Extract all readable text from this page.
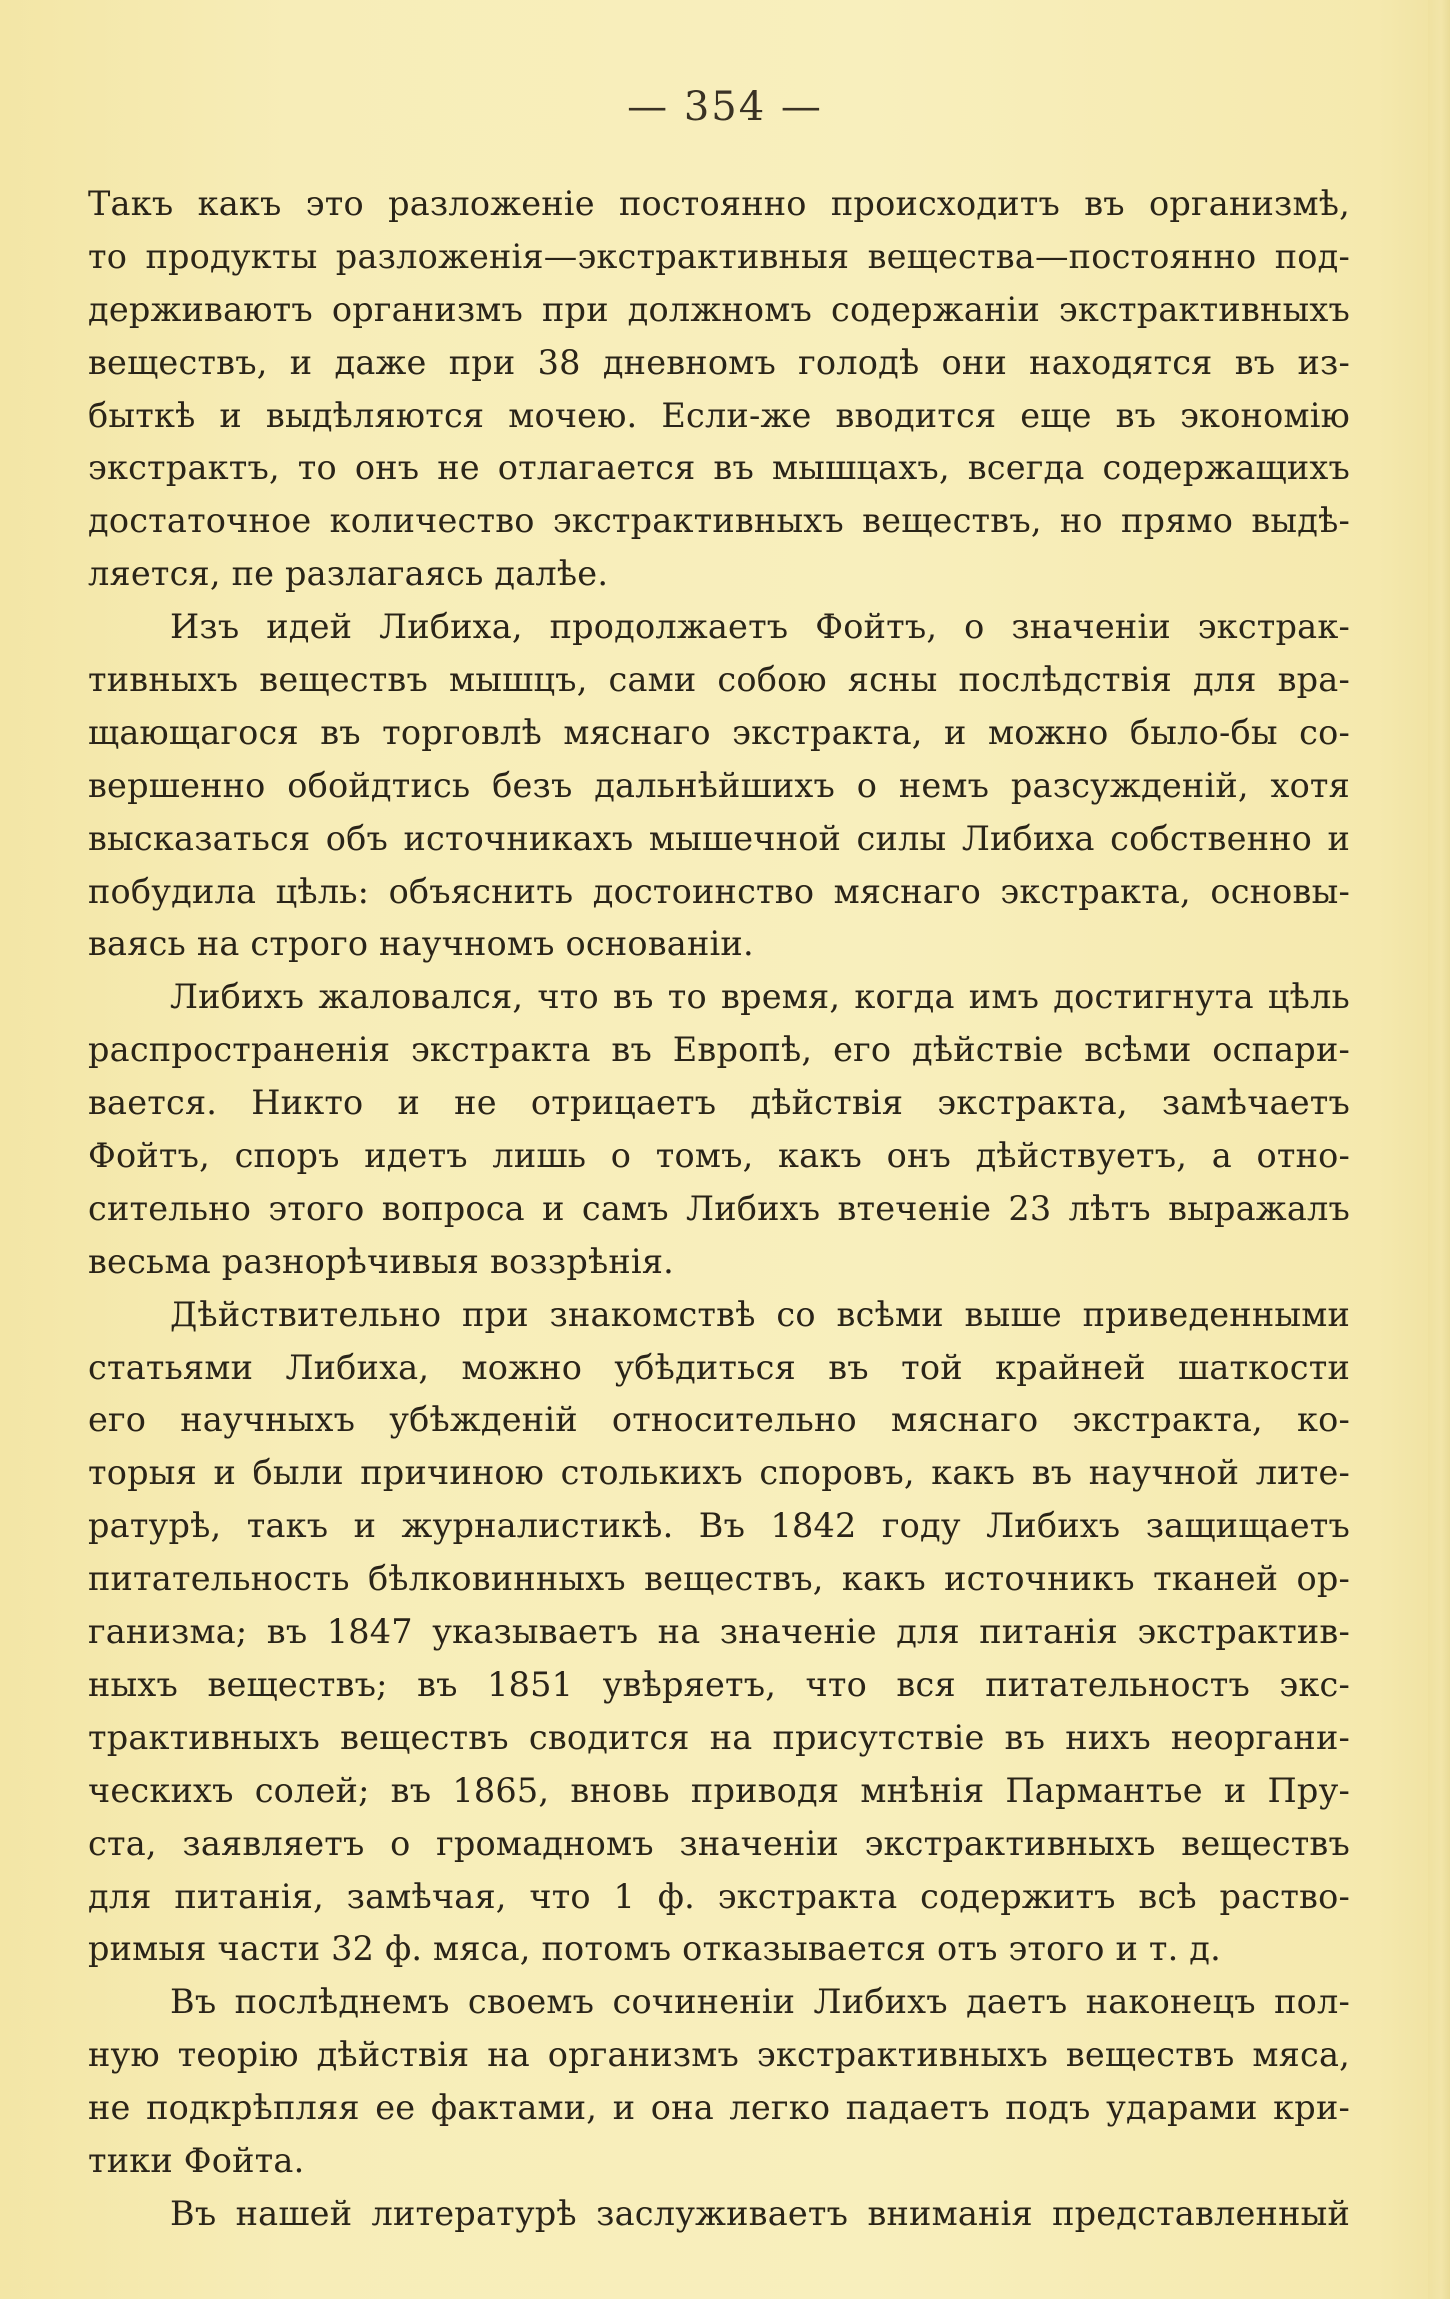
— 354 —
Такъ какъ это разложеніе постоянно происходитъ въ организмѣ,
то продукты разложенія—экстрактивныя вещества—постоянно под-
держиваютъ организмъ при должномъ содержаніи экстрактивныхъ
веществъ, и даже при 38 дневномъ голодѣ они находятся въ из-
быткѣ и выдѣляются мочею. Если-же вводится еще въ экономію
экстрактъ, то онъ не отлагается въ мышцахъ, всегда содержащихъ
достаточное количество экстрактивныхъ веществъ, но прямо выдѣ-
ляется, пе разлагаясь далѣе.
Изъ идей Либиха, продолжаетъ Фойтъ, о значеніи экстрак-
тивныхъ веществъ мышцъ, сами собою ясны послѣдствія для вра-
щающагося въ торговлѣ мяснаго экстракта, и можно было-бы со-
вершенно обойдтись безъ дальнѣйшихъ о немъ разсужденій, хотя
высказаться объ источникахъ мышечной силы Либиха собственно и
побудила цѣль: объяснить достоинство мяснаго экстракта, основы-
ваясь на строго научномъ основаніи.
Либихъ жаловался, что въ то время, когда имъ достигнута цѣль
распространенія экстракта въ Европѣ, его дѣйствіе всѣми оспари-
вается. Никто и не отрицаетъ дѣйствія экстракта, замѣчаетъ
Фойтъ, споръ идетъ лишь о томъ, какъ онъ дѣйствуетъ, а отно-
сительно этого вопроса и самъ Либихъ втеченіе 23 лѣтъ выражалъ
весьма разнорѣчивыя воззрѣнія.
Дѣйствительно при знакомствѣ со всѣми выше приведенными
статьями Либиха, можно убѣдиться въ той крайней шаткости
его научныхъ убѣжденій относительно мяснаго экстракта, ко-
торыя и были причиною столькихъ споровъ, какъ въ научной лите-
ратурѣ, такъ и журналистикѣ. Въ 1842 году Либихъ защищаетъ
питательность бѣлковинныхъ веществъ, какъ источникъ тканей ор-
ганизма; въ 1847 указываетъ на значеніе для питанія экстрактив-
ныхъ веществъ; въ 1851 увѣряетъ, что вся питательностъ экс-
трактивныхъ веществъ сводится на присутствіе въ нихъ неоргани-
ческихъ солей; въ 1865, вновь приводя мнѣнія Пармантье и Пру-
ста, заявляетъ о громадномъ значеніи экстрактивныхъ веществъ
для питанія, замѣчая, что 1 ф. экстракта содержитъ всѣ раство-
римыя части 32 ф. мяса, потомъ отказывается отъ этого и т. д.
Въ послѣднемъ своемъ сочиненіи Либихъ даетъ наконецъ пол-
ную теорію дѣйствія на организмъ экстрактивныхъ веществъ мяса,
не подкрѣпляя ее фактами, и она легко падаетъ подъ ударами кри-
тики Фойта.
Въ нашей литературѣ заслуживаетъ вниманія представленный
